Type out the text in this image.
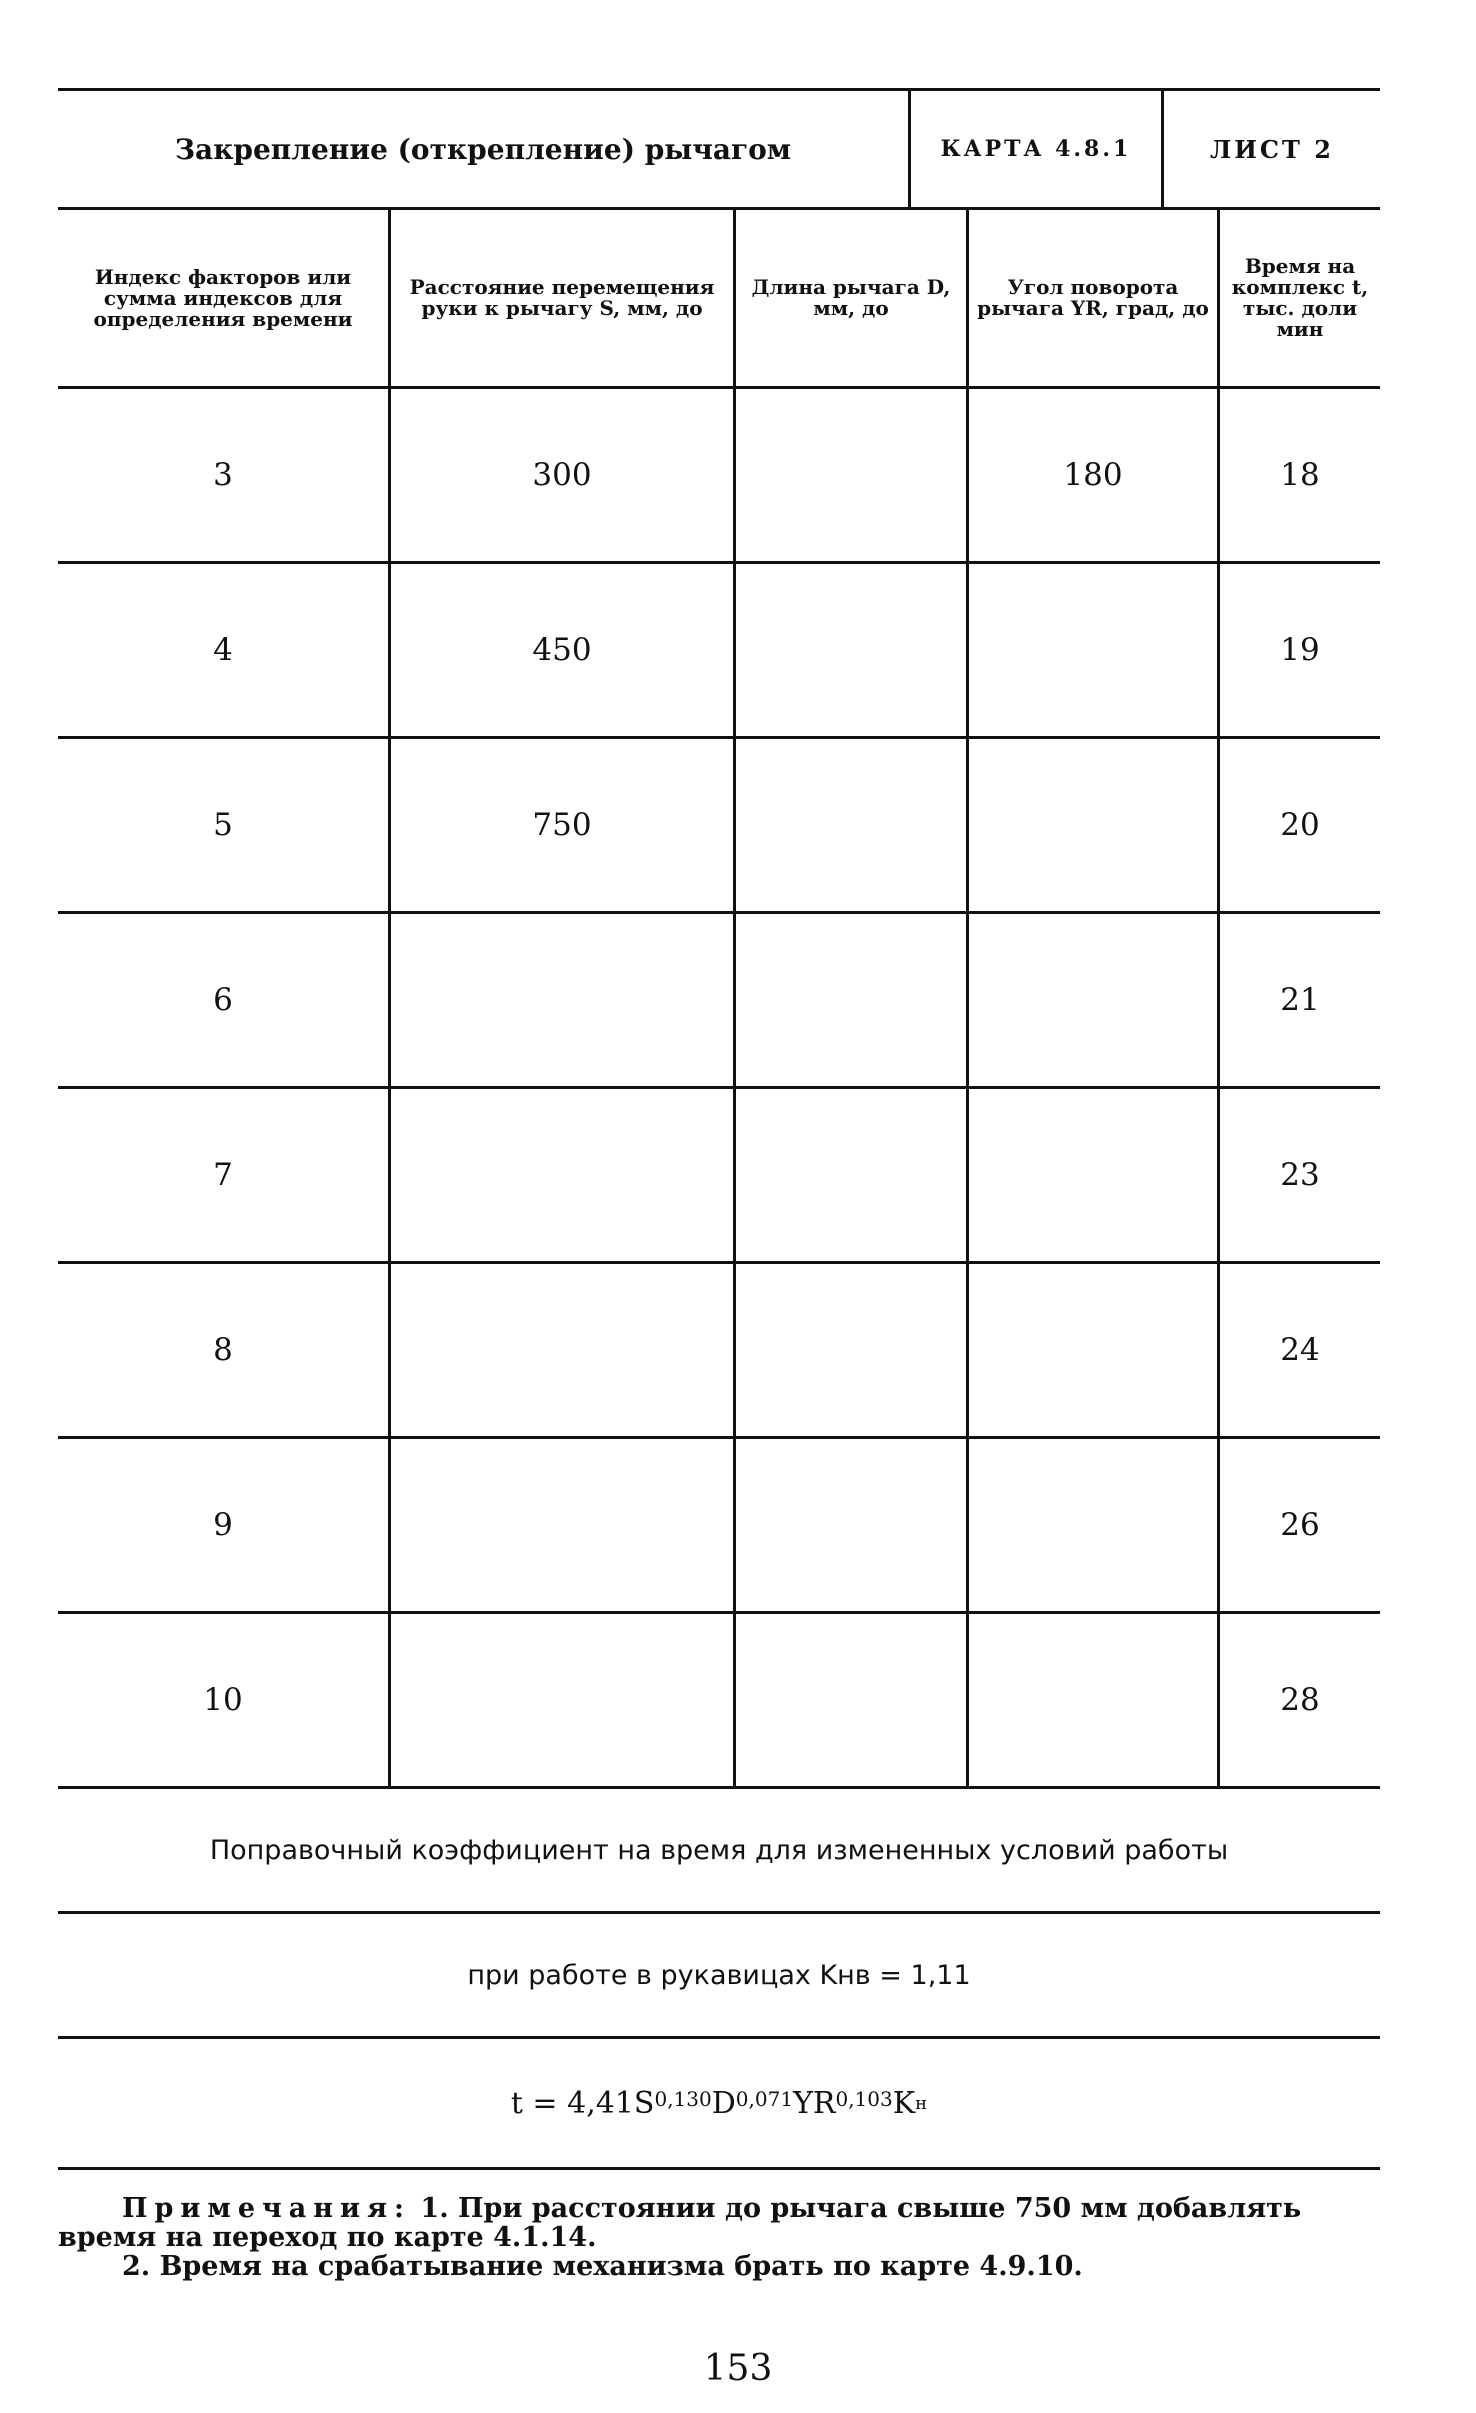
Закрепление (открепление) рычагом	КАРТА 4.8.1	ЛИСТ 2
Индекс факторов или сумма индексов для определения времени	Расстояние перемещения руки к рычагу S, мм, до	Длина рычага D, мм, до	Угол поворота рычага YR, град, до	Время на комплекс t, тыс. доли мин
3	300		180	18
4	450			19
5	750			20
6				21
7				23
8				24
9				26
10				28
Поправочный коэффициент на время для измененных условий работы
при работе в рукавицах Kнв = 1,11
$t = 4,41S^{0,130}$ D$^{0,071}$ YR$^{0,103}$ K н
Примечания: 1. При расстоянии до рычага свыше 750 мм добавлять время на переход по карте 4.1.14.
2. Время на срабатывание механизма брать по карте 4.9.10.
153
